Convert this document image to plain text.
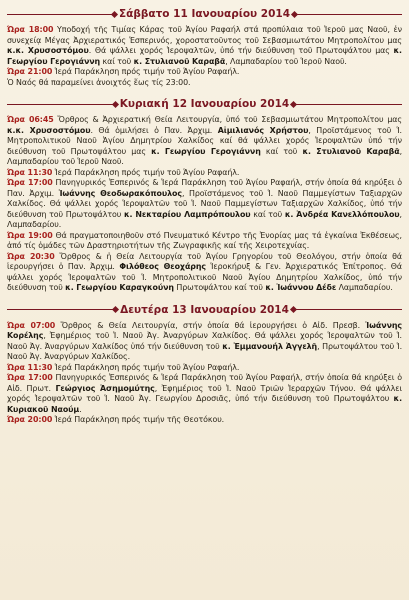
Σάββατο 11 Ιανουαρίου 2014

Ώρα 18:00 Υποδοχή τῆς Τιμίας Κάρας τοῦ Ἁγίου Ραφαήλ στά προπύλαια τοῦ Ἱεροῦ μας Ναοῦ, ἐν συνεχείᾳ Μέγας Ἀρχιερατικός Ἑσπερινός, χοροστατοῦντος τοῦ Σεβασμιωτάτου Μητροπολίτου μας κ.κ. Χρυσοστόμου. Θά ψάλλει χορός Ἱεροψαλτῶν, ὑπό τήν διεύθυνση τοῦ Πρωτοψάλτου μας κ. Γεωργίου Γερογιάννη καί τοῦ κ. Στυλιανοῦ Καραβᾶ, Λαμπαδαρίου τοῦ Ἱεροῦ Ναοῦ.

Ώρα 21:00 Ἱερά Παράκληση πρός τιμήν τοῦ Ἁγίου Ραφαήλ.

Ὁ Ναός θά παραμείνει ἀνοιχτός ἕως τίς 23:00.

Κυριακή 12 Ιανουαρίου 2014

Ώρα 06:45 Ὄρθρος & Ἀρχιερατική Θεία Λειτουργία, ὑπό τοῦ Σεβασμιωτάτου Μητροπολίτου μας κ.κ. Χρυσοστόμου. Θά ὁμιλήσει ὁ Παν. Ἀρχιμ. Αἰμιλιανός Χρήστου, Προϊστάμενος τοῦ Ἱ. Μητροπολιτικοῦ Ναοῦ Ἁγίου Δημητρίου Χαλκίδος καί θά ψάλλει χορός Ἱεροψαλτῶν ὑπό τήν διεύθυνση τοῦ Πρωτοψάλτου μας κ. Γεωργίου Γερογιάννη καί τοῦ κ. Στυλιανοῦ Καραβᾶ, Λαμπαδαρίου τοῦ Ἱεροῦ Ναοῦ.

Ώρα 11:30 Ἱερά Παράκληση πρός τιμήν τοῦ Ἁγίου Ραφαήλ.

Ώρα 17:00 Πανηγυρικός Ἑσπερινός & Ἱερά Παράκληση τοῦ Ἁγίου Ραφαήλ, στήν ὁποία θά κηρύξει ὁ Παν. Ἀρχιμ. Ἰωάννης Θεοδωρακόπουλος, Προϊστάμενος τοῦ Ἱ. Ναοῦ Παμμεγίστων Ταξιαρχῶν Χαλκίδος. Θά ψάλλει χορός Ἱεροψαλτῶν τοῦ Ἱ. Ναοῦ Παμμεγίστων Ταξιαρχῶν Χαλκίδος, ὑπό τήν διεύθυνση τοῦ Πρωτοψάλτου κ. Νεκταρίου Λαμπρόπουλου καί τοῦ κ. Ἀνδρέα Κανελλόπουλου, Λαμπαδαρίου.

Ώρα 19:00 Θά πραγματοποιηθοῦν στό Πνευματικό Κέντρο τῆς Ἐνορίας μας τά ἐγκαίνια Ἐκθέσεως, ἀπό τίς ὁμάδες τῶν Δραστηριοτήτων τῆς Ζωγραφικῆς καί τῆς Χειροτεχνίας.

Ώρα 20:30 Ὄρθρος & ἡ Θεία Λειτουργία τοῦ Ἁγίου Γρηγορίου τοῦ Θεολόγου, στήν ὁποία θά ἱερουργήσει ὁ Παν. Ἀρχιμ. Φιλόθεος Θεοχάρης Ἱεροκήρυξ & Γεν. Ἀρχιερατικός Ἐπίτροπος. Θά ψάλλει χορός Ἱεροψαλτῶν τοῦ Ἱ. Μητροπολιτικοῦ Ναοῦ Ἁγίου Δημητρίου Χαλκίδος, ὑπό τήν διεύθυνση τοῦ κ. Γεωργίου Καραγκούνη Πρωτοψάλτου καί τοῦ κ. Ἰωάννου Δέδε Λαμπαδαρίου.

Δευτέρα 13 Ιανουαρίου 2014

Ώρα 07:00 Ὄρθρος & Θεία Λειτουργία, στήν ὁποία θά ἱερουργήσει ὁ Αἰδ. Πρεσβ. Ἰωάννης Κορέλης, Ἐφημέριος τοῦ Ἱ. Ναοῦ Ἀγ. Ἀναργύρων Χαλκίδος. Θά ψάλλει χορός Ἱεροψαλτῶν τοῦ Ἱ. Ναοῦ Ἀγ. Ἀναργύρων Χαλκίδος ὑπό τήν διεύθυνση τοῦ κ. Ἐμμανουήλ Ἀγγελῆ, Πρωτοψάλτου τοῦ Ἱ. Ναοῦ Ἀγ. Ἀναργύρων Χαλκίδος.

Ώρα 11:30 Ἱερά Παράκληση πρός τιμήν τοῦ Ἁγίου Ραφαήλ.

Ώρα 17:00 Πανηγυρικός Ἑσπερινός & Ἱερά Παράκληση τοῦ Ἁγίου Ραφαήλ, στήν ὁποία θά κηρύξει ὁ Αἰδ. Πρωτ. Γεώργιος Ἀσημομύτης, Ἐφημέριος τοῦ Ἱ. Ναοῦ Τριῶν Ἱεραρχῶν Τήνου. Θά ψάλλει χορός Ἱεροψαλτῶν τοῦ Ἱ. Ναοῦ Ἀγ. Γεωργίου Δροσιᾶς, ὑπό τήν διεύθυνση τοῦ Πρωτοψάλτου κ. Κυριακοῦ Ναούμ.

Ώρα 20:00 Ἱερά Παράκληση πρός τιμήν τῆς Θεοτόκου.
